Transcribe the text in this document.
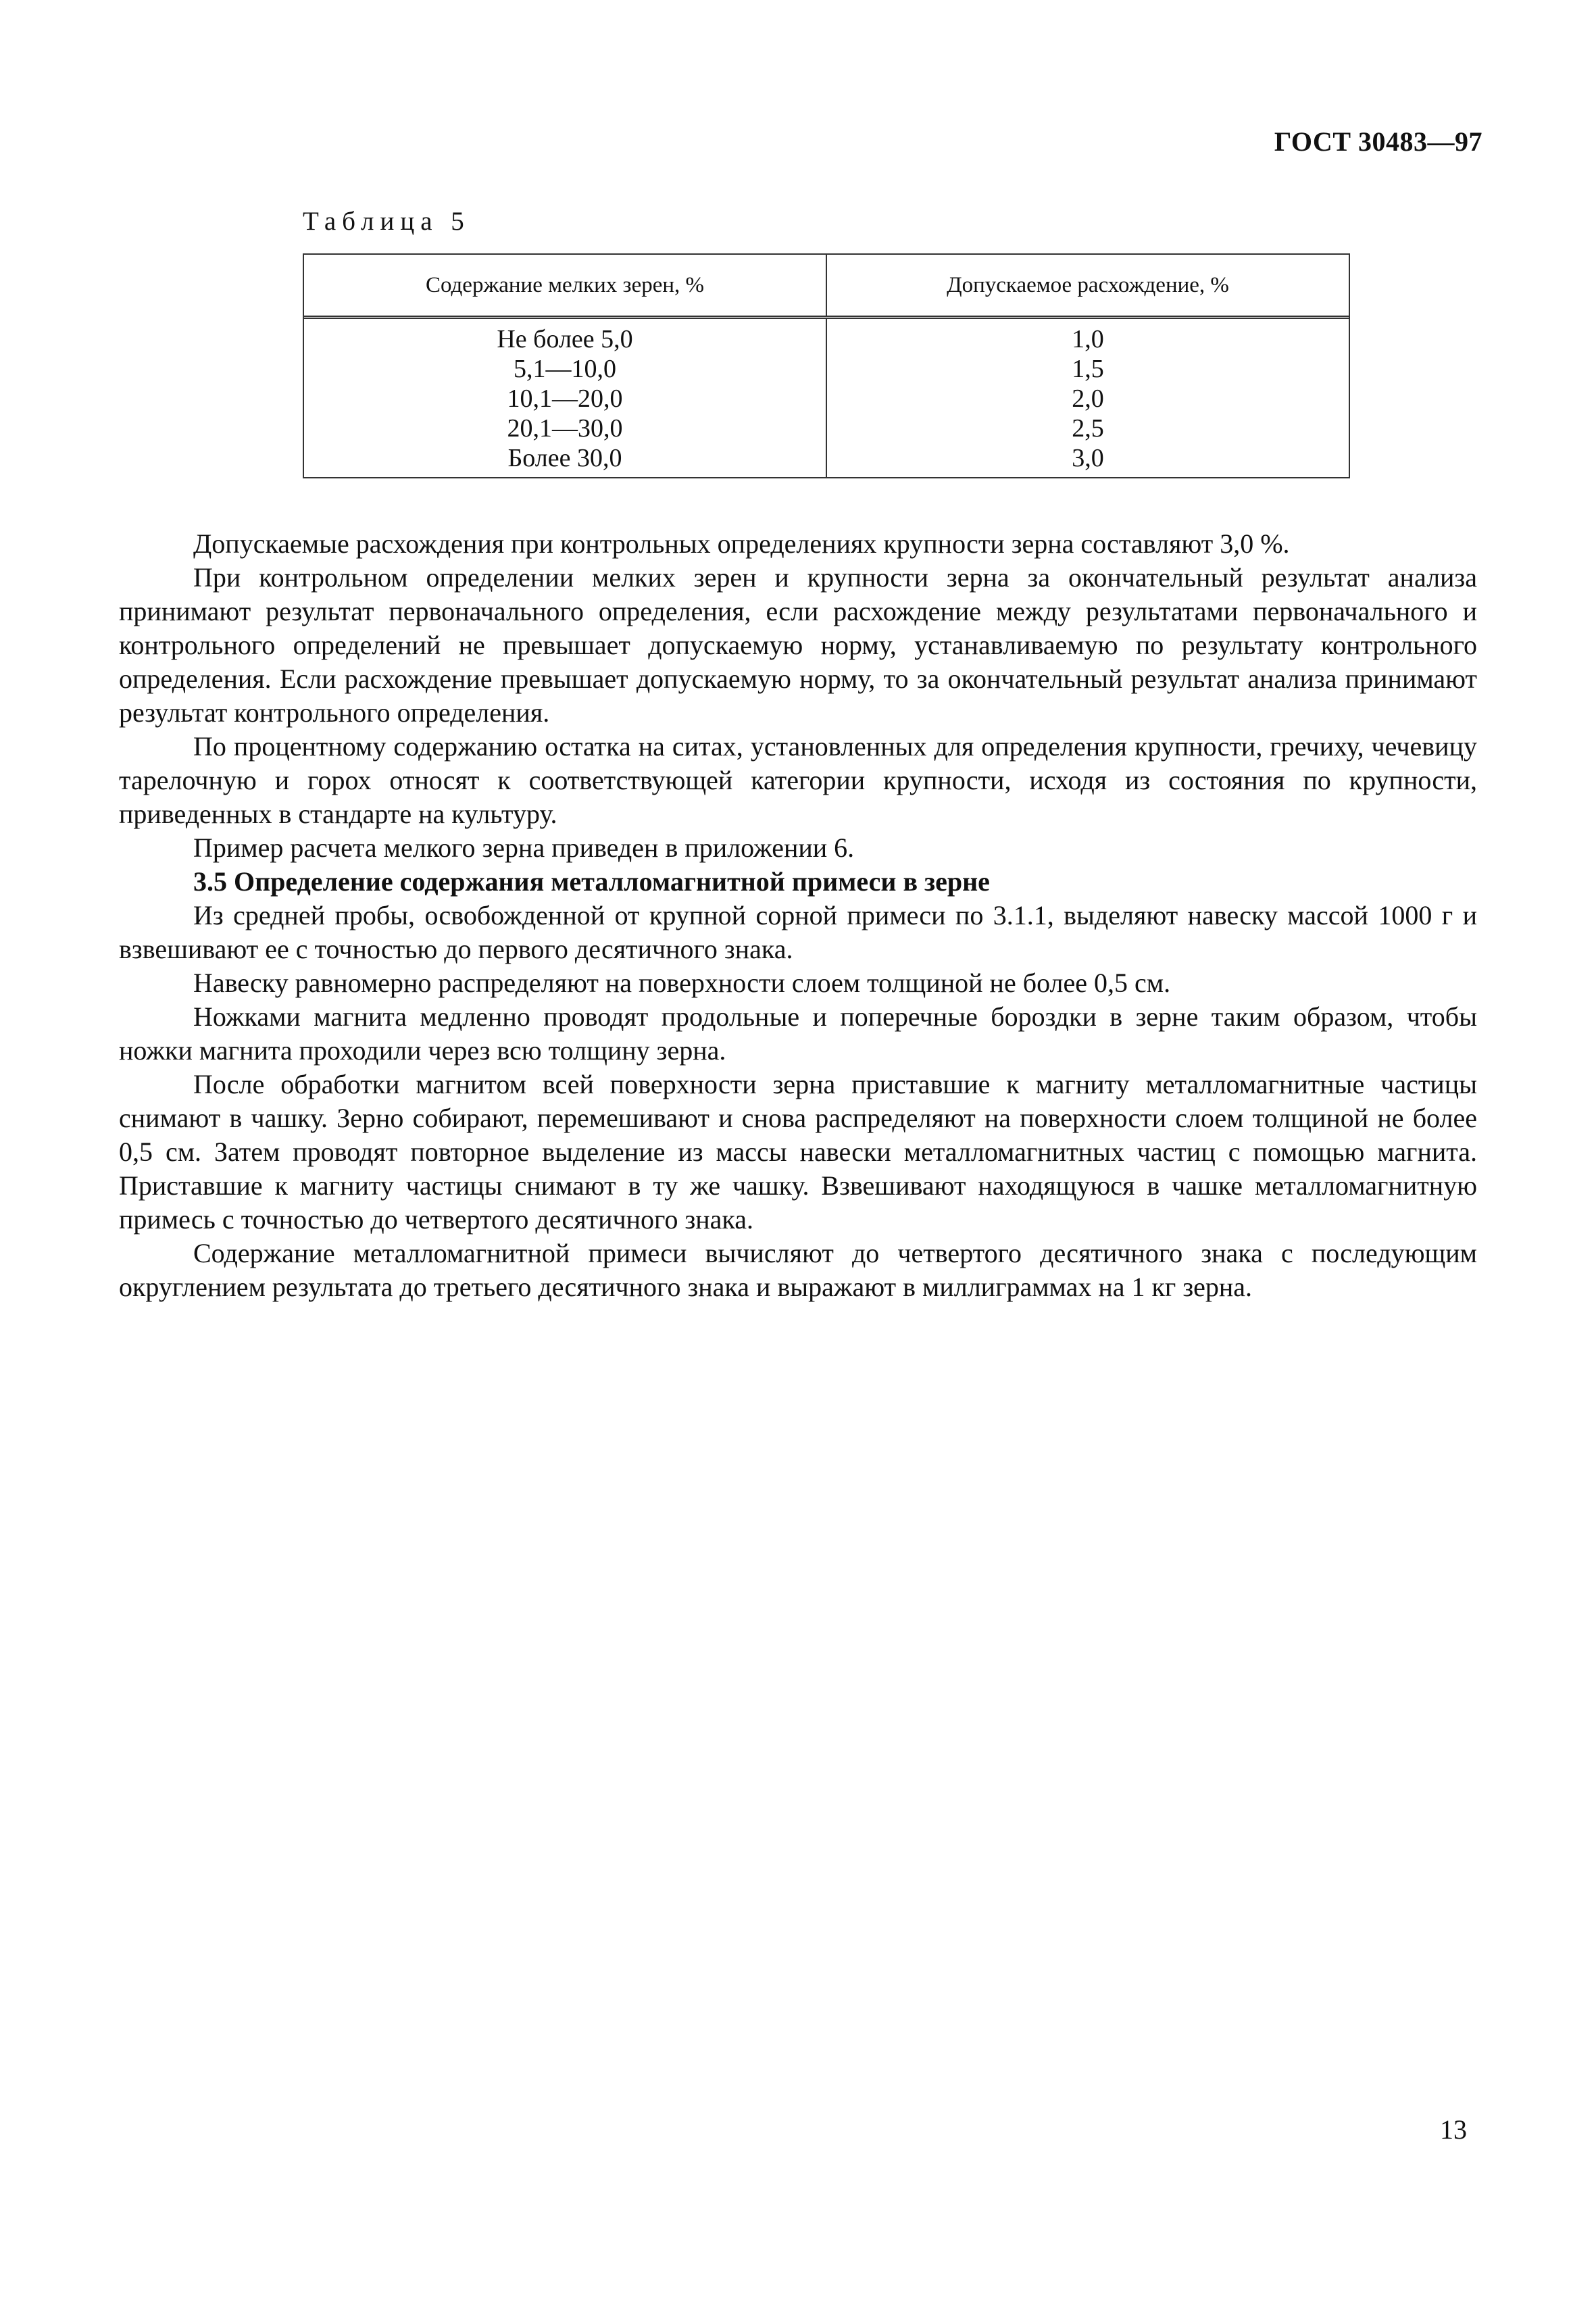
ГОСТ 30483—97
Таблица 5
Содержание мелких зерен, %	Допускаемое расхождение, %
Не более 5,0
5,1—10,0
10,1—20,0
20,1—30,0
Более 30,0
1,0
1,5
2,0
2,5
3,0

Допускаемые расхождения при контрольных определениях крупности зерна составляют 3,0 %.

При контрольном определении мелких зерен и крупности зерна за окончательный результат анализа принимают результат первоначального определения, если расхождение между результатами первоначального и контрольного определений не превышает допускаемую норму, устанавливаемую по результату контрольного определения. Если расхождение превышает допускаемую норму, то за окончательный результат анализа принимают результат контрольного определения.

По процентному содержанию остатка на ситах, установленных для определения крупности, гречиху, чечевицу тарелочную и горох относят к соответствующей категории крупности, исходя из состояния по крупности, приведенных в стандарте на культуру.

Пример расчета мелкого зерна приведен в приложении 6.

3.5 Определение содержания металломагнитной примеси в зерне

Из средней пробы, освобожденной от крупной сорной примеси по 3.1.1, выделяют навеску массой 1000 г и взвешивают ее с точностью до первого десятичного знака.

Навеску равномерно распределяют на поверхности слоем толщиной не более 0,5 см.

Ножками магнита медленно проводят продольные и поперечные бороздки в зерне таким образом, чтобы ножки магнита проходили через всю толщину зерна.

После обработки магнитом всей поверхности зерна приставшие к магниту металломагнитные частицы снимают в чашку. Зерно собирают, перемешивают и снова распределяют на поверхности слоем толщиной не более 0,5 см. Затем проводят повторное выделение из массы навески металломагнитных частиц с помощью магнита. Приставшие к магниту частицы снимают в ту же чашку. Взвешивают находящуюся в чашке металломагнитную примесь с точностью до четвертого десятичного знака.

Содержание металломагнитной примеси вычисляют до четвертого десятичного знака с последующим округлением результата до третьего десятичного знака и выражают в миллиграммах на 1 кг зерна.

13
